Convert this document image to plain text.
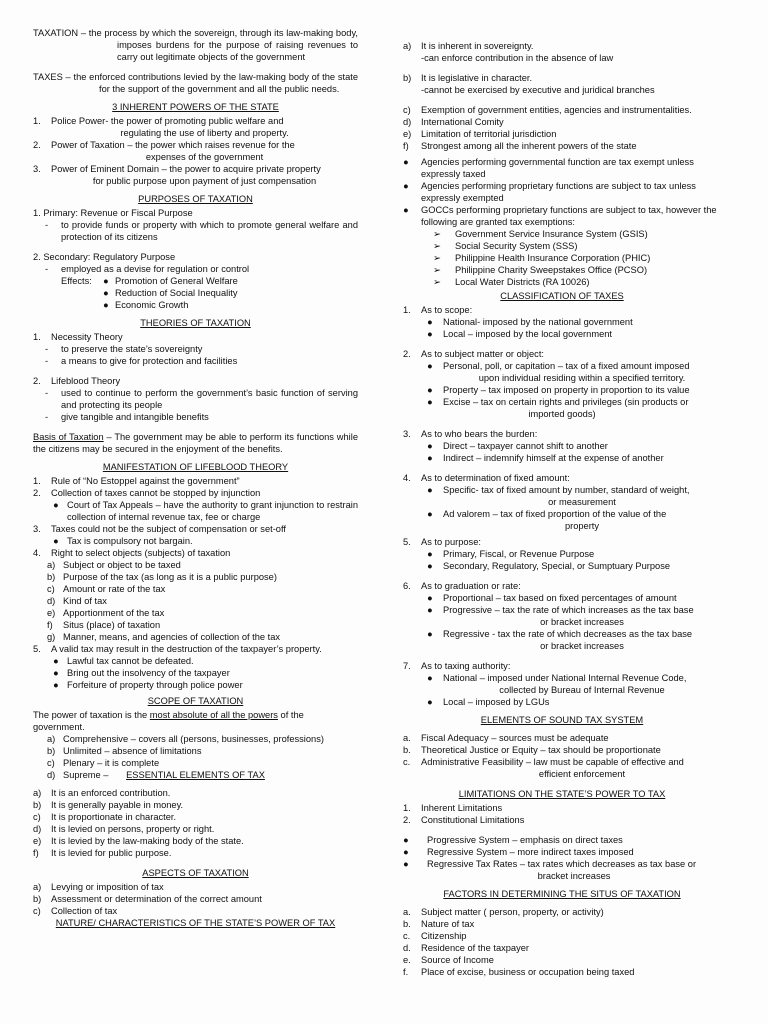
TAXATION – the process by which the sovereign, through its law-making body, imposes burdens for the purpose of raising revenues to carry out legitimate objects of the government
TAXES – the enforced contributions levied by the law-making body of the state for the support of the government and all the public needs.
3 INHERENT POWERS OF THE STATE
1. Police Power- the power of promoting public welfare and
regulating the use of liberty and property.
2. Power of Taxation – the power which raises revenue for the
expenses of the government
3. Power of Eminent Domain – the power to acquire private property
for public purpose upon payment of just compensation
PURPOSES OF TAXATION
1. Primary: Revenue or Fiscal Purpose
- to provide funds or property with which to promote general welfare and protection of its citizens
2. Secondary: Regulatory Purpose
- employed as a devise for regulation or control
Effects: ● Promotion of General Welfare
● Reduction of Social Inequality
● Economic Growth
THEORIES OF TAXATION
1. Necessity Theory
- to preserve the state’s sovereignty
- a means to give for protection and facilities
2. Lifeblood Theory
- used to continue to perform the government’s basic function of serving and protecting its people
- give tangible and intangible benefits
Basis of Taxation – The government may be able to perform its functions while the citizens may be secured in the enjoyment of the benefits.
MANIFESTATION OF LIFEBLOOD THEORY
1. Rule of “No Estoppel against the government”
2. Collection of taxes cannot be stopped by injunction
● Court of Tax Appeals – have the authority to grant injunction to restrain collection of internal revenue tax, fee or charge
3. Taxes could not be the subject of compensation or set-off
● Tax is compulsory not bargain.
4. Right to select objects (subjects) of taxation
a) Subject or object to be taxed
b) Purpose of the tax (as long as it is a public purpose)
c) Amount or rate of the tax
d) Kind of tax
e) Apportionment of the tax
f) Situs (place) of taxation
g) Manner, means, and agencies of collection of the tax
5. A valid tax may result in the destruction of the taxpayer’s property.
● Lawful tax cannot be defeated.
● Bring out the insolvency of the taxpayer
● Forfeiture of property through police power
SCOPE OF TAXATION
The power of taxation is the most absolute of all the powers of the government.
a) Comprehensive – covers all (persons, businesses, professions)
b) Unlimited – absence of limitations
c) Plenary – it is complete
d) Supreme –	ESSENTIAL ELEMENTS OF TAX
a) It is an enforced contribution.
b) It is generally payable in money.
c) It is proportionate in character.
d) It is levied on persons, property or right.
e) It is levied by the law-making body of the state.
f) It is levied for public purpose.
ASPECTS OF TAXATION
a) Levying or imposition of tax
b) Assessment or determination of the correct amount
c) Collection of tax
NATURE/ CHARACTERISTICS OF THE STATE’S POWER OF TAX
a) It is inherent in sovereignty.
-can enforce contribution in the absence of law
b) It is legislative in character.
-cannot be exercised by executive and juridical branches
c) Exemption of government entities, agencies and instrumentalities.
d) International Comity
e) Limitation of territorial jurisdiction
f) Strongest among all the inherent powers of the state
● Agencies performing governmental function are tax exempt unless expressly taxed
● Agencies performing proprietary functions are subject to tax unless expressly exempted
● GOCCs performing proprietary functions are subject to tax, however the following are granted tax exemptions:
➢ Government Service Insurance System (GSIS)
➢ Social Security System (SSS)
➢ Philippine Health Insurance Corporation (PHIC)
➢ Philippine Charity Sweepstakes Office (PCSO)
➢ Local Water Districts (RA 10026)
CLASSIFICATION OF TAXES
1. As to scope:
● National- imposed by the national government
● Local – imposed by the local government
2. As to subject matter or object:
● Personal, poll, or capitation – tax of a fixed amount imposed
upon individual residing within a specified territory.
● Property – tax imposed on property in proportion to its value
● Excise – tax on certain rights and privileges (sin products or
imported goods)
3. As to who bears the burden:
● Direct – taxpayer cannot shift to another
● Indirect – indemnify himself at the expense of another
4. As to determination of fixed amount:
● Specific- tax of fixed amount by number, standard of weight,
or measurement
● Ad valorem – tax of fixed proportion of the value of the
property
5. As to purpose:
● Primary, Fiscal, or Revenue Purpose
● Secondary, Regulatory, Special, or Sumptuary Purpose
6. As to graduation or rate:
● Proportional – tax based on fixed percentages of amount
● Progressive – tax the rate of which increases as the tax base
or bracket increases
● Regressive - tax the rate of which decreases as the tax base
or bracket increases
7. As to taxing authority:
● National – imposed under National Internal Revenue Code,
collected by Bureau of Internal Revenue
● Local – imposed by LGUs
ELEMENTS OF SOUND TAX SYSTEM
a. Fiscal Adequacy – sources must be adequate
b. Theoretical Justice or Equity – tax should be proportionate
c. Administrative Feasibility – law must be capable of effective and
efficient enforcement
LIMITATIONS ON THE STATE’S POWER TO TAX
1. Inherent Limitations
2. Constitutional Limitations
● Progressive System – emphasis on direct taxes
● Regressive System – more indirect taxes imposed
● Regressive Tax Rates – tax rates which decreases as tax base or
bracket increases
FACTORS IN DETERMINING THE SITUS OF TAXATION
a. Subject matter ( person, property, or activity)
b. Nature of tax
c. Citizenship
d. Residence of the taxpayer
e. Source of Income
f. Place of excise, business or occupation being taxed
